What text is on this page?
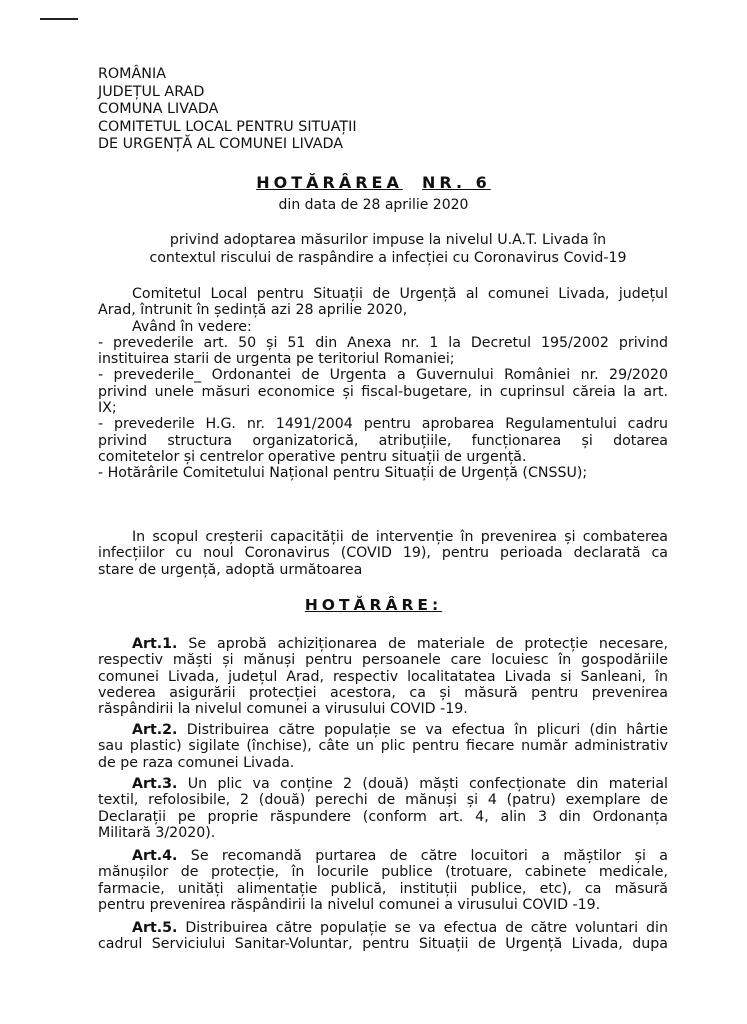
ROMÂNIA
JUDEȚUL ARAD
COMUNA LIVADA
COMITETUL LOCAL PENTRU SITUAȚII
DE URGENȚĂ AL COMUNEI LIVADA
HOTĂRÂREA NR. 6
din data de 28 aprilie 2020
privind adoptarea măsurilor impuse la nivelul U.A.T. Livada în
contextul riscului de raspândire a infecției cu Coronavirus Covid-19
Comitetul Local pentru Situații de Urgență al comunei Livada, județul
Arad, întrunit în ședință azi 28 aprilie 2020,
Având în vedere:
- prevederile art. 50 și 51 din Anexa nr. 1 la Decretul 195/2002 privind
instituirea starii de urgenta pe teritoriul Romaniei;
- prevederile_ Ordonantei de Urgenta a Guvernului României nr. 29/2020
privind unele măsuri economice și fiscal-bugetare, in cuprinsul căreia la art.
IX;
- prevederile H.G. nr. 1491/2004 pentru aprobarea Regulamentului cadru
privind structura organizatorică, atribuțiile, funcționarea și dotarea
comitetelor și centrelor operative pentru situații de urgență.
- Hotărârile Comitetului Național pentru Situații de Urgență (CNSSU);
In scopul creșterii capacității de intervenție în prevenirea și combaterea
infecțiilor cu noul Coronavirus (COVID 19), pentru perioada declarată ca
stare de urgență, adoptă următoarea
HOTĂRÂRE:
Art.1. Se aprobă achiziționarea de materiale de protecție necesare,
respectiv măști și mănuși pentru persoanele care locuiesc în gospodăriile
comunei Livada, județul Arad, respectiv localitatatea Livada si Sanleani, în
vederea asigurării protecției acestora, ca și măsură pentru prevenirea
răspândirii la nivelul comunei a virusului COVID -19.
Art.2. Distribuirea către populație se va efectua în plicuri (din hârtie
sau plastic) sigilate (închise), câte un plic pentru fiecare număr administrativ
de pe raza comunei Livada.
Art.3. Un plic va conține 2 (două) măști confecționate din material
textil, refolosibile, 2 (două) perechi de mănuși și 4 (patru) exemplare de
Declarații pe proprie răspundere (conform art. 4, alin 3 din Ordonanța
Militară 3/2020).
Art.4. Se recomandă purtarea de către locuitori a măștilor și a
mănușilor de protecție, în locurile publice (trotuare, cabinete medicale,
farmacie, unități alimentație publică, instituții publice, etc), ca măsură
pentru prevenirea răspândirii la nivelul comunei a virusului COVID -19.
Art.5. Distribuirea către populație se va efectua de către voluntari din
cadrul Serviciului Sanitar-Voluntar, pentru Situații de Urgență Livada, dupa
